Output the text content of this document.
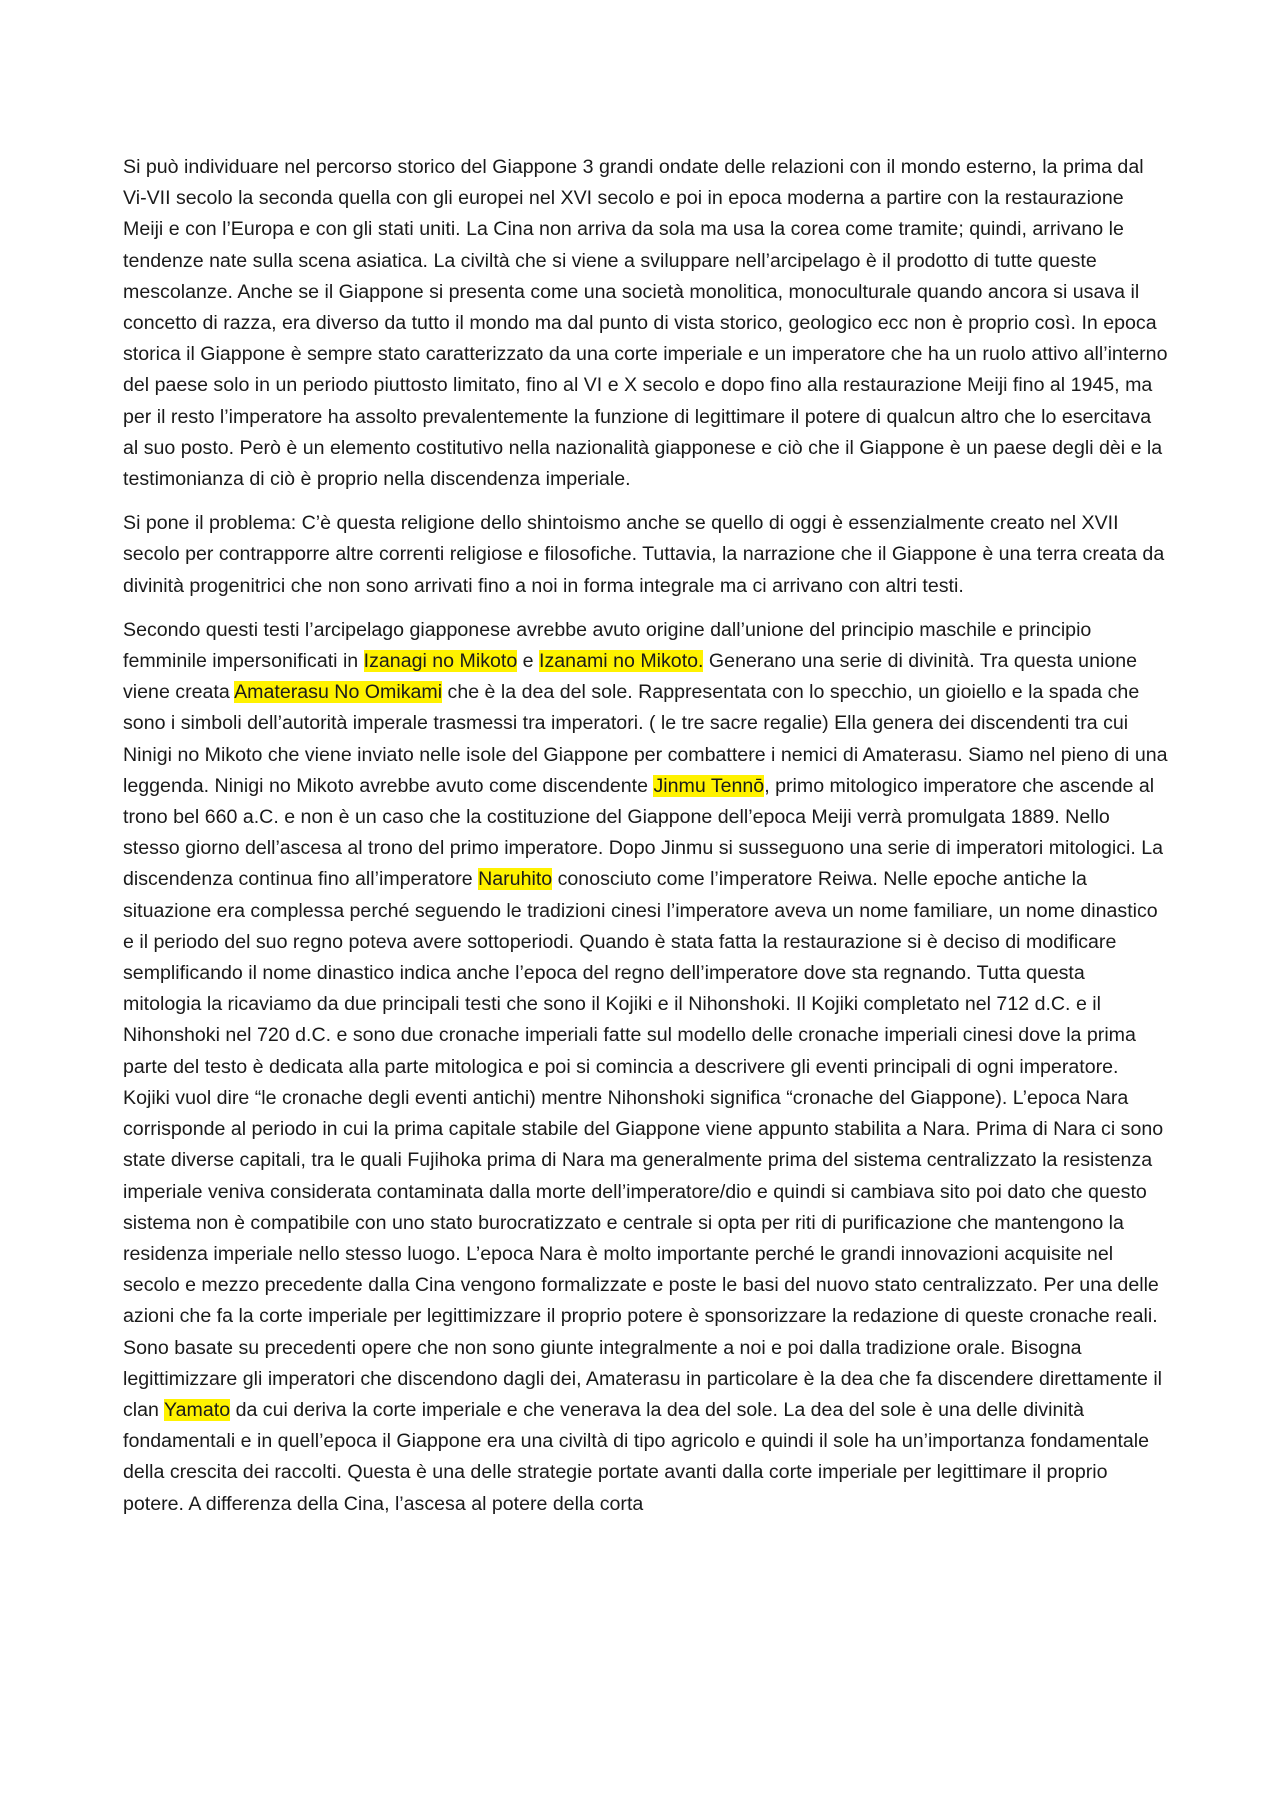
Si può individuare nel percorso storico del Giappone 3 grandi ondate delle relazioni con il mondo esterno, la prima dal Vi-VII secolo la seconda quella con gli europei nel XVI secolo e poi in epoca moderna a partire con la restaurazione Meiji e con l’Europa e con gli stati uniti. La Cina non arriva da sola ma usa la corea come tramite; quindi, arrivano le tendenze nate sulla scena asiatica. La civiltà che si viene a sviluppare nell’arcipelago è il prodotto di tutte queste mescolanze. Anche se il Giappone si presenta come una società monolitica, monoculturale quando ancora si usava il concetto di razza, era diverso da tutto il mondo ma dal punto di vista storico, geologico ecc non è proprio così. In epoca storica il Giappone è sempre stato caratterizzato da una corte imperiale e un imperatore che ha un ruolo attivo all’interno del paese solo in un periodo piuttosto limitato, fino al VI e X secolo e dopo fino alla restaurazione Meiji fino al 1945, ma per il resto l’imperatore ha assolto prevalentemente la funzione di legittimare il potere di qualcun altro che lo esercitava al suo posto. Però è un elemento costitutivo nella nazionalità giapponese e ciò che il Giappone è un paese degli dèi e la testimonianza di ciò è proprio nella discendenza imperiale.

Si pone il problema: C’è questa religione dello shintoismo anche se quello di oggi è essenzialmente creato nel XVII secolo per contrapporre altre correnti religiose e filosofiche. Tuttavia, la narrazione che il Giappone è una terra creata da divinità progenitrici che non sono arrivati fino a noi in forma integrale ma ci arrivano con altri testi.

Secondo questi testi l’arcipelago giapponese avrebbe avuto origine dall’unione del principio maschile e principio femminile impersonificati in Izanagi no Mikoto e Izanami no Mikoto. Generano una serie di divinità. Tra questa unione viene creata Amaterasu No Omikami che è la dea del sole. Rappresentata con lo specchio, un gioiello e la spada che sono i simboli dell’autorità imperale trasmessi tra imperatori. ( le tre sacre regalie) Ella genera dei discendenti tra cui Ninigi no Mikoto che viene inviato nelle isole del Giappone per combattere i nemici di Amaterasu. Siamo nel pieno di una leggenda. Ninigi no Mikoto avrebbe avuto come discendente Jinmu Tennō, primo mitologico imperatore che ascende al trono bel 660 a.C. e non è un caso che la costituzione del Giappone dell’epoca Meiji verrà promulgata 1889. Nello stesso giorno dell’ascesa al trono del primo imperatore. Dopo Jinmu si susseguono una serie di imperatori mitologici. La discendenza continua fino all’imperatore Naruhito conosciuto come l’imperatore Reiwa. Nelle epoche antiche la situazione era complessa perché seguendo le tradizioni cinesi l’imperatore aveva un nome familiare, un nome dinastico e il periodo del suo regno poteva avere sottoperiodi. Quando è stata fatta la restaurazione si è deciso di modificare semplificando il nome dinastico indica anche l’epoca del regno dell’imperatore dove sta regnando. Tutta questa mitologia la ricaviamo da due principali testi che sono il Kojiki e il Nihonshoki. Il Kojiki completato nel 712 d.C. e il Nihonshoki nel 720 d.C. e sono due cronache imperiali fatte sul modello delle cronache imperiali cinesi dove la prima parte del testo è dedicata alla parte mitologica e poi si comincia a descrivere gli eventi principali di ogni imperatore. Kojiki vuol dire “le cronache degli eventi antichi) mentre Nihonshoki significa “cronache del Giappone). L’epoca Nara corrisponde al periodo in cui la prima capitale stabile del Giappone viene appunto stabilita a Nara. Prima di Nara ci sono state diverse capitali, tra le quali Fujihoka prima di Nara ma generalmente prima del sistema centralizzato la resistenza imperiale veniva considerata contaminata dalla morte dell’imperatore/dio e quindi si cambiava sito poi dato che questo sistema non è compatibile con uno stato burocratizzato e centrale si opta per riti di purificazione che mantengono la residenza imperiale nello stesso luogo. L’epoca Nara è molto importante perché le grandi innovazioni acquisite nel secolo e mezzo precedente dalla Cina vengono formalizzate e poste le basi del nuovo stato centralizzato. Per una delle azioni che fa la corte imperiale per legittimizzare il proprio potere è sponsorizzare la redazione di queste cronache reali. Sono basate su precedenti opere che non sono giunte integralmente a noi e poi dalla tradizione orale. Bisogna legittimizzare gli imperatori che discendono dagli dei, Amaterasu in particolare è la dea che fa discendere direttamente il clan Yamato da cui deriva la corte imperiale e che venerava la dea del sole. La dea del sole è una delle divinità fondamentali e in quell’epoca il Giappone era una civiltà di tipo agricolo e quindi il sole ha un’importanza fondamentale della crescita dei raccolti. Questa è una delle strategie portate avanti dalla corte imperiale per legittimare il proprio potere. A differenza della Cina, l’ascesa al potere della corta
